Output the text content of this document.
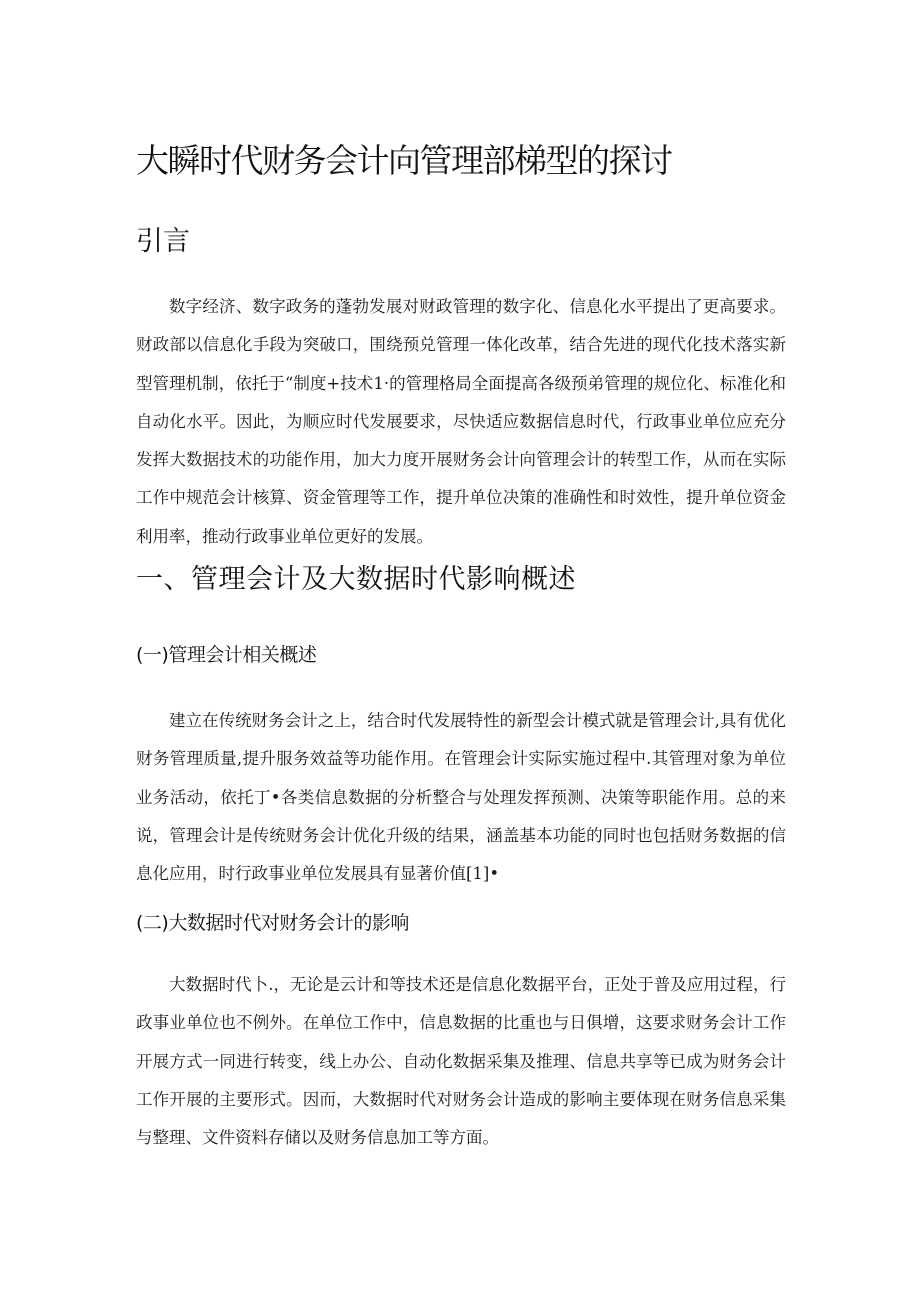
大瞬时代财务会计向管理部梯型的探讨
引言

数字经济、数字政务的蓬勃发展对财政管理的数字化、信息化水平提出了更高要求。财政部以信息化手段为突破口，围绕预兑管理一体化改革，结合先进的现代化技术落实新型管理机制，依托于“制度+技术1·的管理格局全面提高各级预弟管理的规位化、标准化和自动化水平。因此，为顺应时代发展要求，尽快适应数据信息时代，行政事业单位应充分发挥大数据技术的功能作用，加大力度开展财务会计向管理会计的转型工作，从而在实际工作中规范会计核算、资金管理等工作，提升单位决策的准确性和时效性，提升单位资金利用率，推动行政事业单位更好的发展。

一、管理会计及大数据时代影响概述
(一)管理会计相关概述

建立在传统财务会计之上，结合时代发展特性的新型会计模式就是管理会计,具有优化财务管理质量,提升服务效益等功能作用。在管理会计实际实施过程中.其管理对象为单位业务活动，依托丁•各类信息数据的分析整合与处理发挥预测、决策等职能作用。总的来说，管理会计是传统财务会计优化升级的结果，涵盖基本功能的同时也包括财务数据的信息化应用，时行政事业单位发展具有显著价值[1]•

(二)大数据时代对财务会计的影响

大数据时代卜.，无论是云计和等技术还是信息化数据平台，正处于普及应用过程，行政事业单位也不例外。在单位工作中，信息数据的比重也与日俱增，这要求财务会计工作开展方式一同进行转变，线上办公、自动化数据采集及推理、信息共享等已成为财务会计工作开展的主要形式。因而，大数据时代对财务会计造成的影响主要体现在财务信息采集与整理、文件资料存储以及财务信息加工等方面。
